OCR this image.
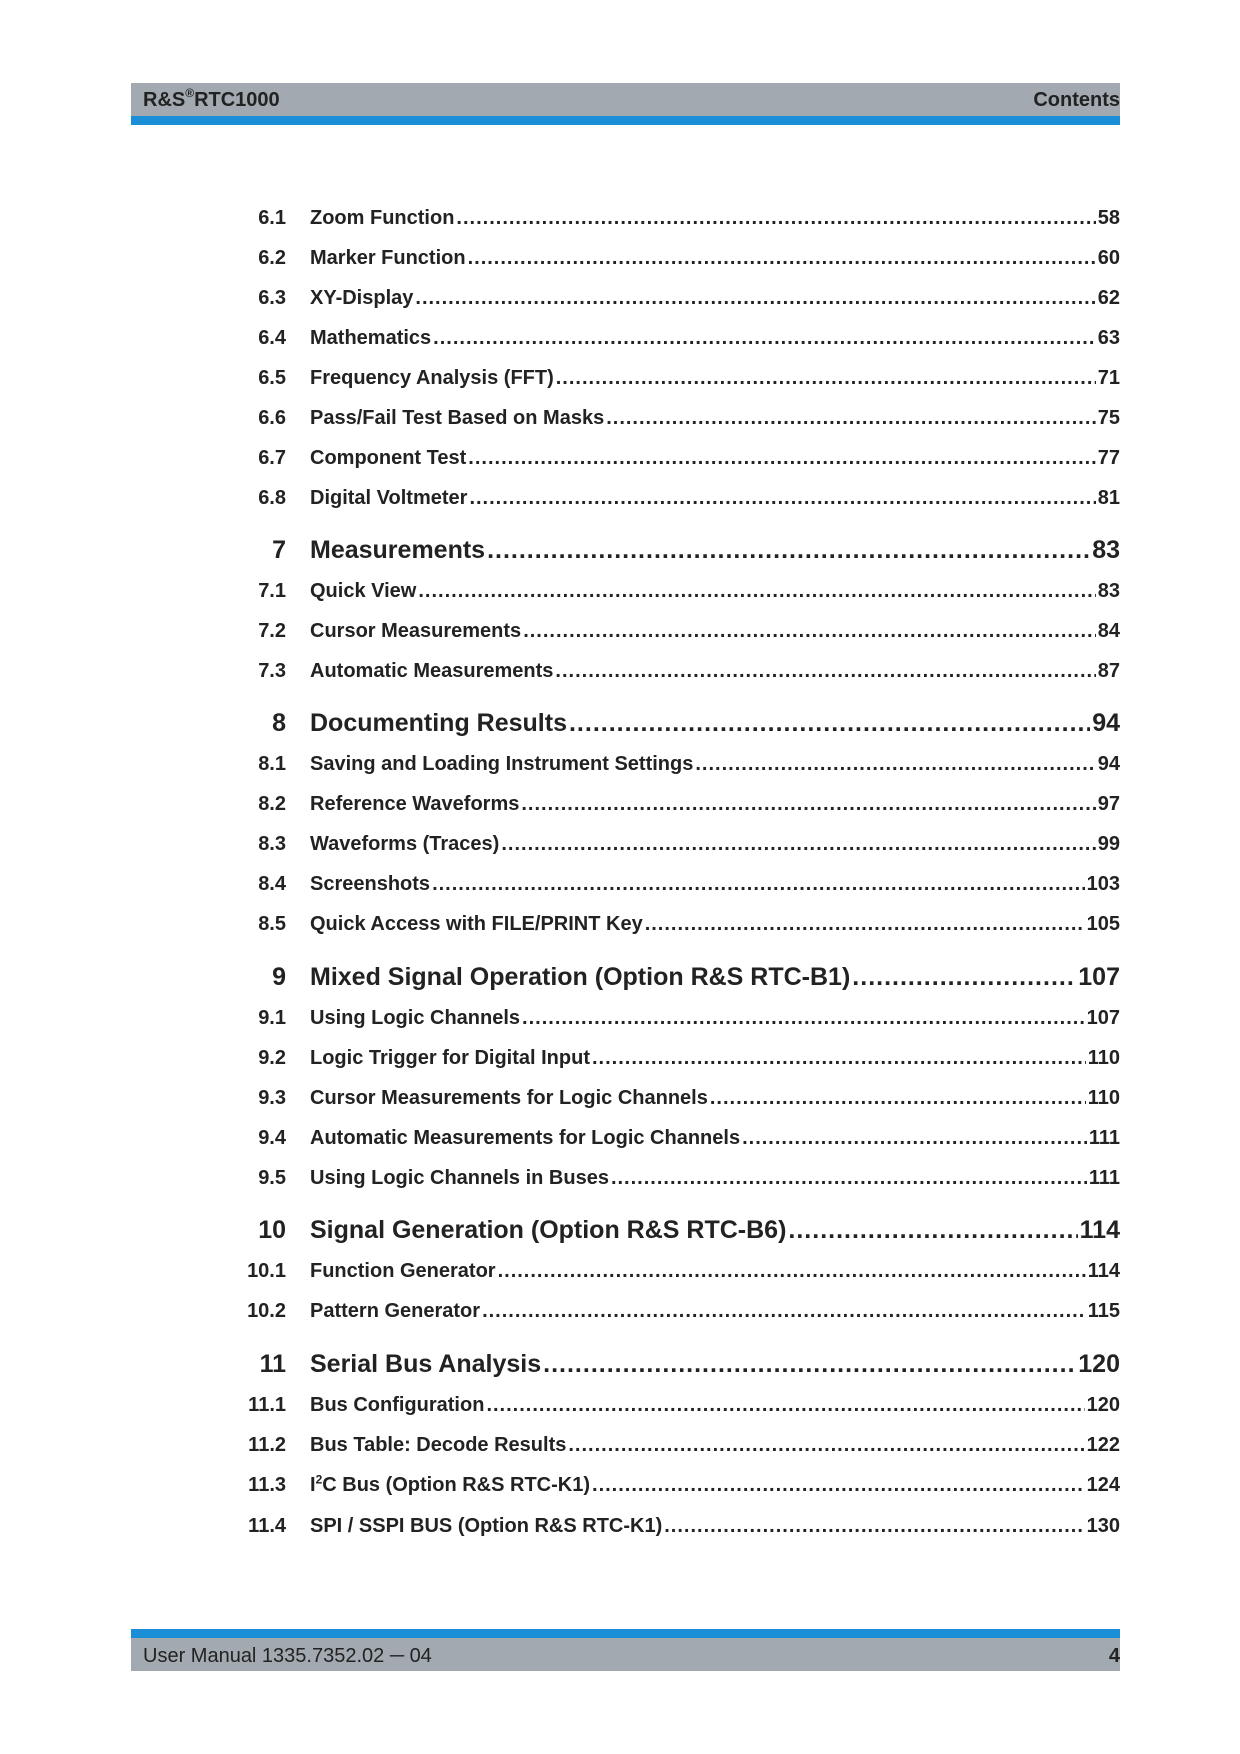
R&S®RTC1000	Contents
6.1 Zoom Function .....	58
6.2 Marker Function .....	60
6.3 XY-Display .....	62
6.4 Mathematics .....	63
6.5 Frequency Analysis (FFT) .....	71
6.6 Pass/Fail Test Based on Masks .....	75
6.7 Component Test .....	77
6.8 Digital Voltmeter .....	81
7 Measurements .....	83
7.1 Quick View .....	83
7.2 Cursor Measurements .....	84
7.3 Automatic Measurements .....	87
8 Documenting Results .....	94
8.1 Saving and Loading Instrument Settings .....	94
8.2 Reference Waveforms .....	97
8.3 Waveforms (Traces) .....	99
8.4 Screenshots .....	103
8.5 Quick Access with FILE/PRINT Key .....	105
9 Mixed Signal Operation (Option R&S RTC-B1) .....	107
9.1 Using Logic Channels .....	107
9.2 Logic Trigger for Digital Input .....	110
9.3 Cursor Measurements for Logic Channels .....	110
9.4 Automatic Measurements for Logic Channels .....	111
9.5 Using Logic Channels in Buses .....	111
10 Signal Generation (Option R&S RTC-B6) .....	114
10.1 Function Generator .....	114
10.2 Pattern Generator .....	115
11 Serial Bus Analysis .....	120
11.1 Bus Configuration .....	120
11.2 Bus Table: Decode Results .....	122
11.3 $I^2C$ Bus (Option R&S RTC-K1) .....	124
11.4 SPI / SSPI BUS (Option R&S RTC-K1) .....	130
User Manual 1335.7352.02 ─ 04	4
